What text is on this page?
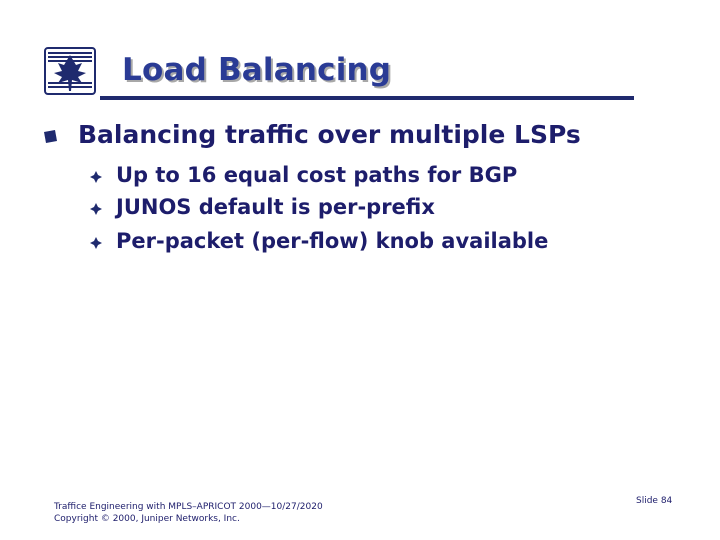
Load Balancing
Balancing traffic over multiple LSPs
Up to 16 equal cost paths for BGP
JUNOS default is per-prefix
Per-packet (per-flow) knob available
Traffice Engineering with MPLS–APRICOT 2000—10/27/2020
Copyright © 2000, Juniper Networks, Inc.
Slide 84
